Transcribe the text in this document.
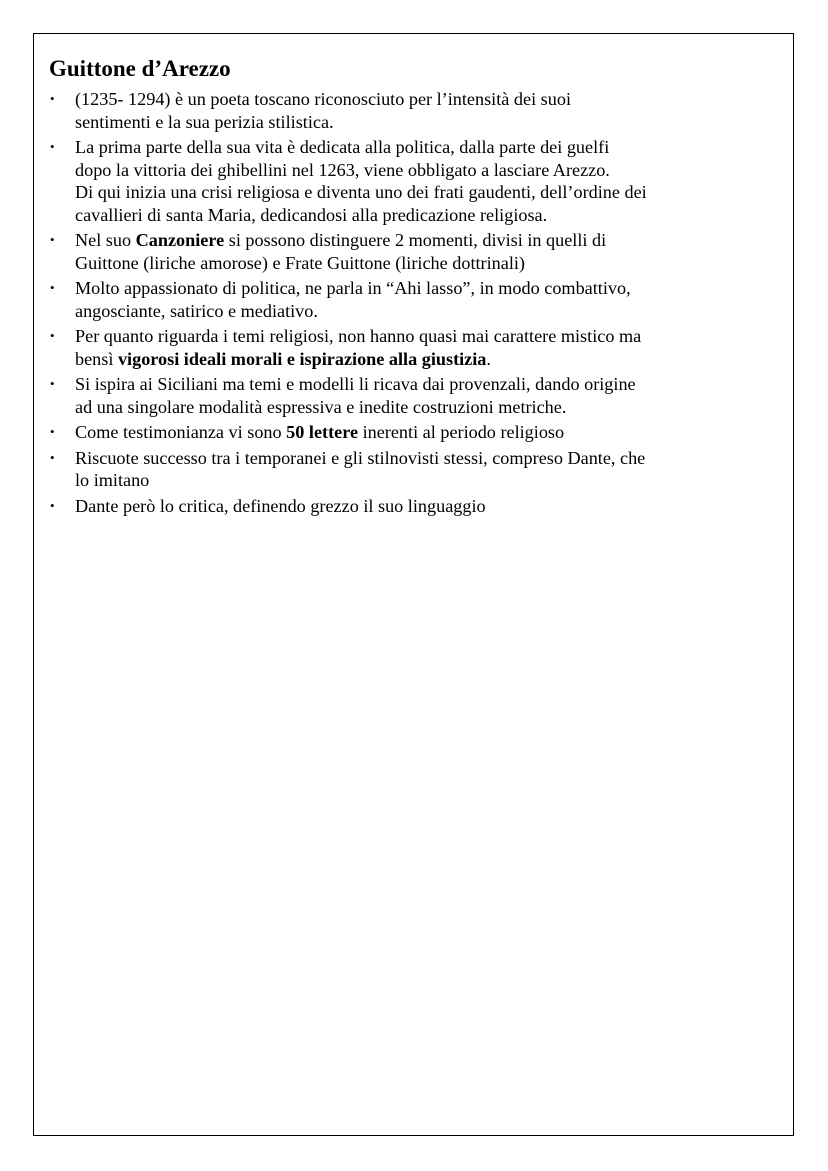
Guittone d’Arezzo
• (1235- 1294) è un poeta toscano riconosciuto per l’intensità dei suoi
sentimenti e la sua perizia stilistica.
• La prima parte della sua vita è dedicata alla politica, dalla parte dei guelfi
dopo la vittoria dei ghibellini nel 1263, viene obbligato a lasciare Arezzo.
Di qui inizia una crisi religiosa e diventa uno dei frati gaudenti, dell’ordine dei
cavallieri di santa Maria, dedicandosi alla predicazione religiosa.
• Nel suo Canzoniere si possono distinguere 2 momenti, divisi in quelli di
Guittone (liriche amorose) e Frate Guittone (liriche dottrinali)
• Molto appassionato di politica, ne parla in “Ahi lasso”, in modo combattivo,
angosciante, satirico e mediativo.
• Per quanto riguarda i temi religiosi, non hanno quasi mai carattere mistico ma
bensì vigorosi ideali morali e ispirazione alla giustizia.
• Si ispira ai Siciliani ma temi e modelli li ricava dai provenzali, dando origine
ad una singolare modalità espressiva e inedite costruzioni metriche.
• Come testimonianza vi sono 50 lettere inerenti al periodo religioso
• Riscuote successo tra i temporanei e gli stilnovisti stessi, compreso Dante, che
lo imitano
• Dante però lo critica, definendo grezzo il suo linguaggio
